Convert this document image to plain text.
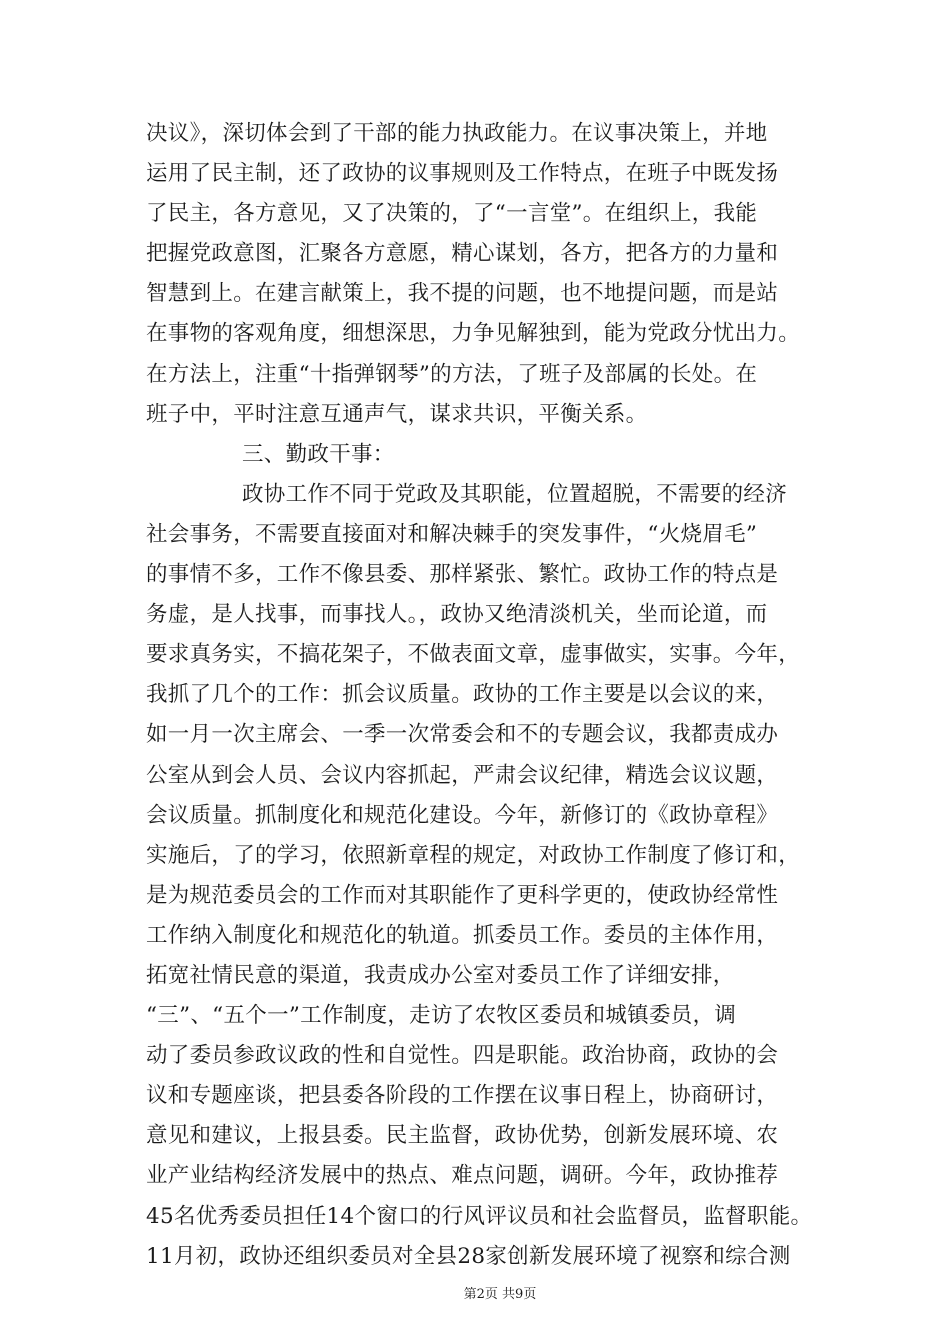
决议》，深切体会到了干部的能力执政能力。在议事决策上，并地
运用了民主制，还了政协的议事规则及工作特点，在班子中既发扬
了民主，各方意见，又了决策的，了“一言堂”。在组织上，我能
把握党政意图，汇聚各方意愿，精心谋划，各方，把各方的力量和
智慧到上。在建言献策上，我不提的问题，也不地提问题，而是站
在事物的客观角度，细想深思，力争见解独到，能为党政分忧出力。
在方法上，注重“十指弹钢琴”的方法，了班子及部属的长处。在
班子中，平时注意互通声气，谋求共识，平衡关系。
三、勤政干事：
政协工作不同于党政及其职能，位置超脱，不需要的经济
社会事务，不需要直接面对和解决棘手的突发事件，“火烧眉毛”
的事情不多，工作不像县委、那样紧张、繁忙。政协工作的特点是
务虚，是人找事，而事找人。，政协又绝清淡机关，坐而论道，而
要求真务实，不搞花架子，不做表面文章，虚事做实，实事。今年，
我抓了几个的工作：抓会议质量。政协的工作主要是以会议的来，
如一月一次主席会、一季一次常委会和不的专题会议，我都责成办
公室从到会人员、会议内容抓起，严肃会议纪律，精选会议议题，
会议质量。抓制度化和规范化建设。今年，新修订的《政协章程》
实施后，了的学习，依照新章程的规定，对政协工作制度了修订和，
是为规范委员会的工作而对其职能作了更科学更的，使政协经常性
工作纳入制度化和规范化的轨道。抓委员工作。委员的主体作用，
拓宽社情民意的渠道，我责成办公室对委员工作了详细安排，
“三”、“五个一”工作制度，走访了农牧区委员和城镇委员，调
动了委员参政议政的性和自觉性。四是职能。政治协商，政协的会
议和专题座谈，把县委各阶段的工作摆在议事日程上，协商研讨，
意见和建议，上报县委。民主监督，政协优势，创新发展环境、农
业产业结构经济发展中的热点、难点问题，调研。今年，政协推荐
45名优秀委员担任14个窗口的行风评议员和社会监督员，监督职能。
11月初，政协还组织委员对全县28家创新发展环境了视察和综合测
第2页 共9页
